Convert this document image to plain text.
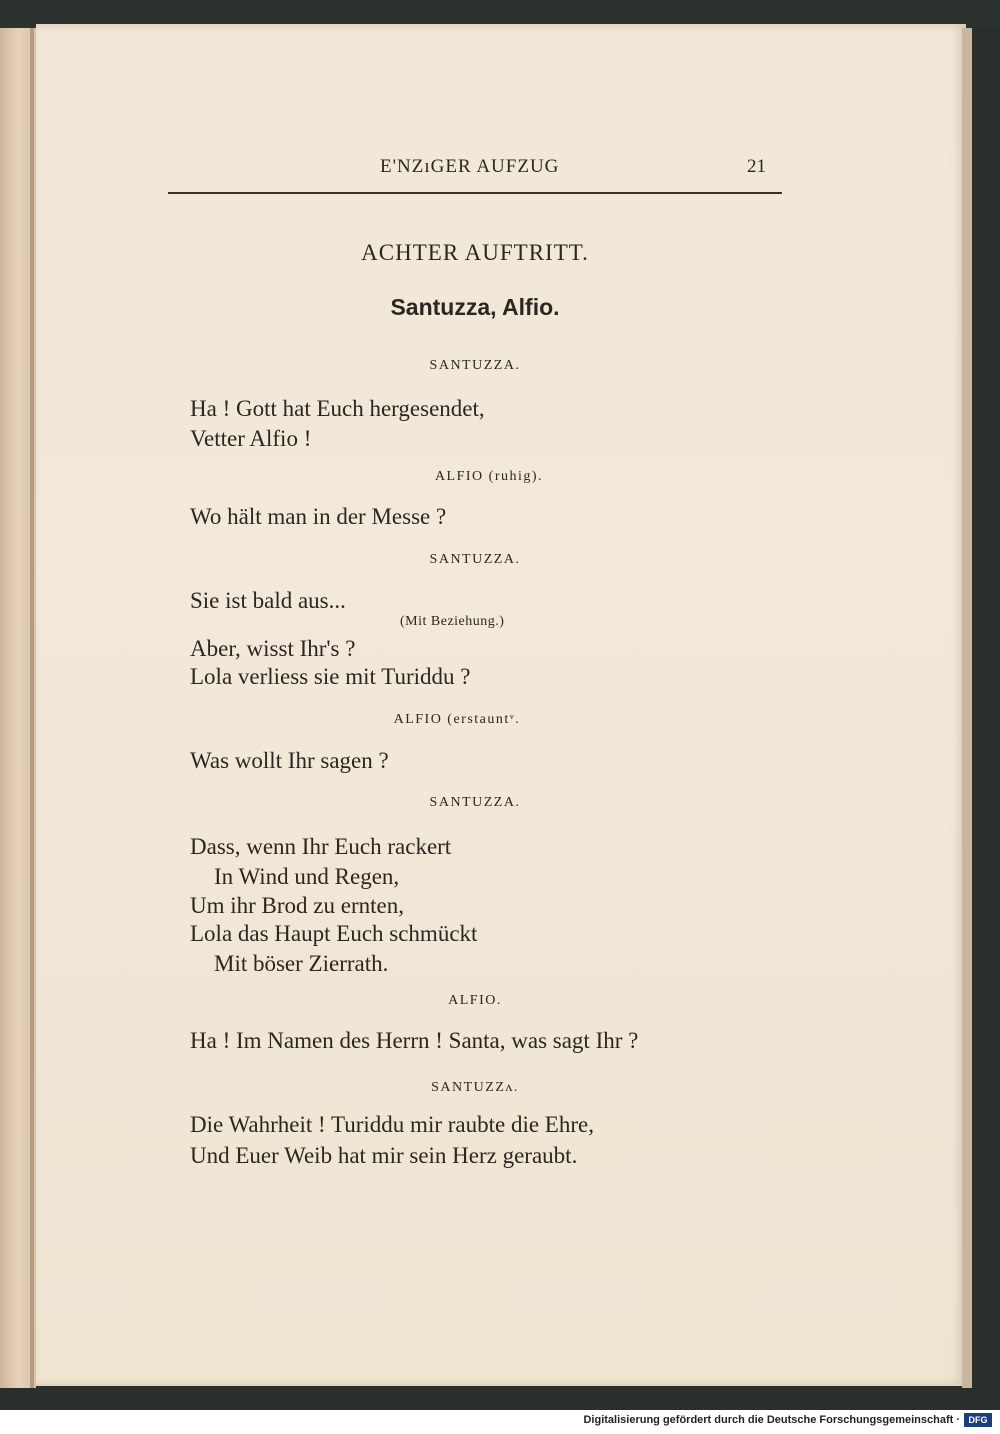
E'NZıGER AUFZUG	21
ACHTER AUFTRITT.
Santuzza, Alfio.
SANTUZZA.
Ha ! Gott hat Euch hergesendet,
Vetter Alfio !
ALFIO (ruhig).
Wo hält man in der Messe ?
SANTUZZA.
Sie ist bald aus...
(Mit Beziehung.)
Aber, wisst Ihr's ?
Lola verliess sie mit Turiddu ?
ALFIO (erstauntᵛ.
Was wollt Ihr sagen ?
SANTUZZA.
Dass, wenn Ihr Euch rackert
In Wind und Regen,
Um ihr Brod zu ernten,
Lola das Haupt Euch schmückt
Mit böser Zierrath.
ALFIO.
Ha ! Im Namen des Herrn ! Santa, was sagt Ihr ?
SANTUZZʌ.
Die Wahrheit ! Turiddu mir raubte die Ehre,
Und Euer Weib hat mir sein Herz geraubt.
Digitalisierung gefördert durch die Deutsche Forschungsgemeinschaft · DFG
